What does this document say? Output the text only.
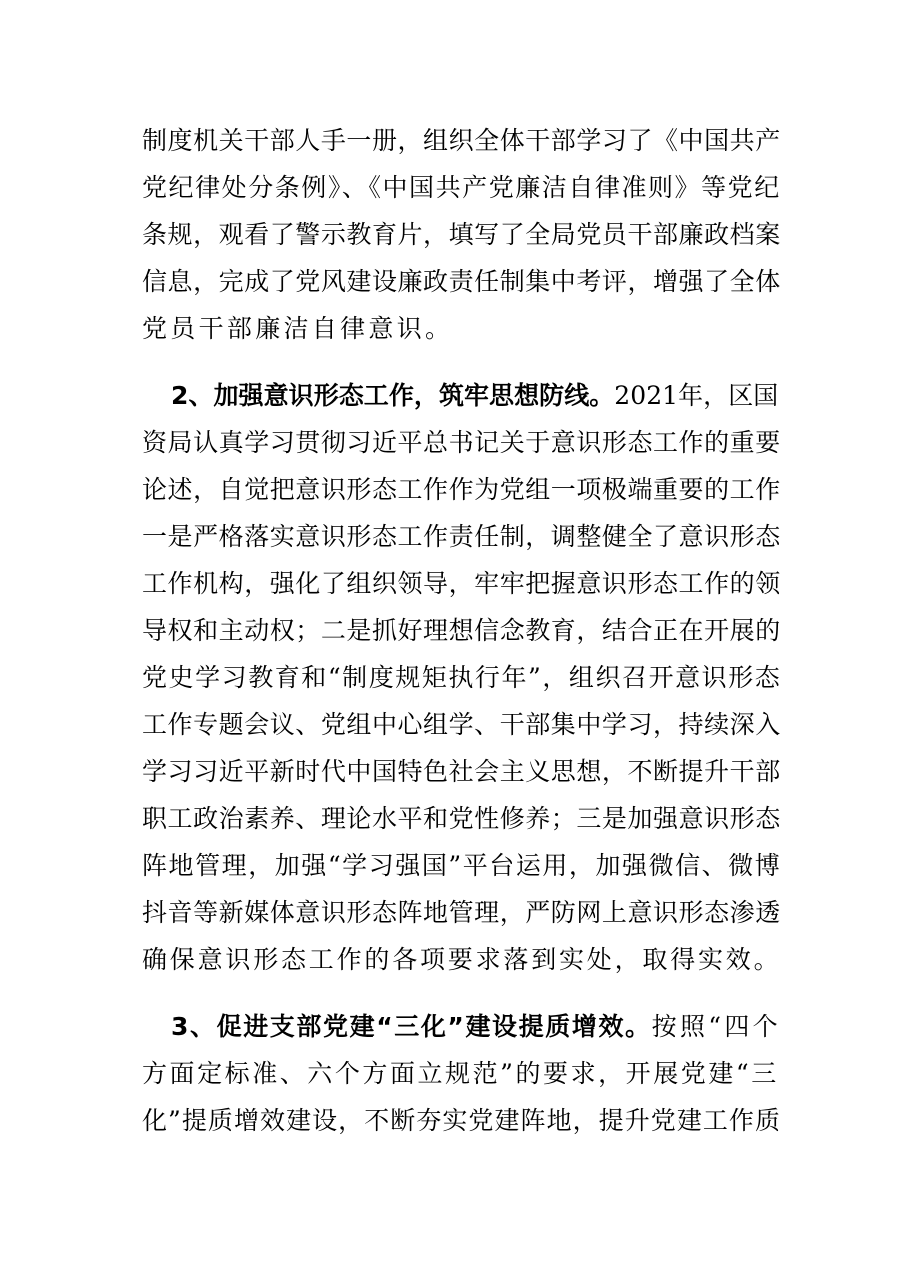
制度机关干部人手一册，组织全体干部学习了《中国共产
党纪律处分条例》、《中国共产党廉洁自律准则》等党纪
条规，观看了警示教育片，填写了全局党员干部廉政档案
信息，完成了党风建设廉政责任制集中考评，增强了全体
党员干部廉洁自律意识。
2、加强意识形态工作，筑牢思想防线。2021年，区国
资局认真学习贯彻习近平总书记关于意识形态工作的重要
论述，自觉把意识形态工作作为党组一项极端重要的工作
一是严格落实意识形态工作责任制，调整健全了意识形态
工作机构，强化了组织领导，牢牢把握意识形态工作的领
导权和主动权；二是抓好理想信念教育，结合正在开展的
党史学习教育和“制度规矩执行年”，组织召开意识形态
工作专题会议、党组中心组学、干部集中学习，持续深入
学习习近平新时代中国特色社会主义思想，不断提升干部
职工政治素养、理论水平和党性修养；三是加强意识形态
阵地管理，加强“学习强国”平台运用，加强微信、微博
抖音等新媒体意识形态阵地管理，严防网上意识形态渗透
确保意识形态工作的各项要求落到实处，取得实效。
3、促进支部党建“三化”建设提质增效。按照“四个
方面定标准、六个方面立规范”的要求，开展党建“三
化”提质增效建设，不断夯实党建阵地，提升党建工作质
